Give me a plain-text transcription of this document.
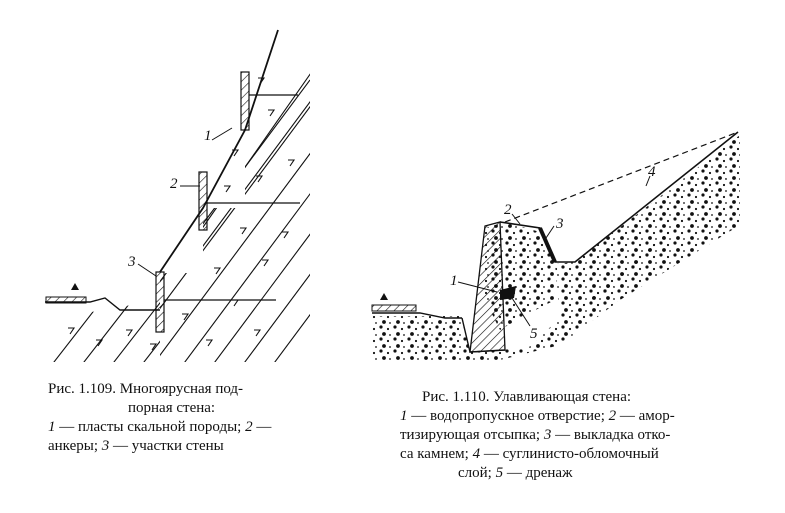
1
2
3
1
2
3
4
5
Рис. 1.109. Многоярусная под-
порная стена:
1 — пласты скальной породы; 2 —
анкеры; 3 — участки стены
Рис. 1.110. Улавливающая стена:
1 — водопропускное отверстие; 2 — амор-
тизирующая отсыпка; 3 — выкладка отко-
са камнем; 4 — суглинисто-обломочный
слой; 5 — дренаж
